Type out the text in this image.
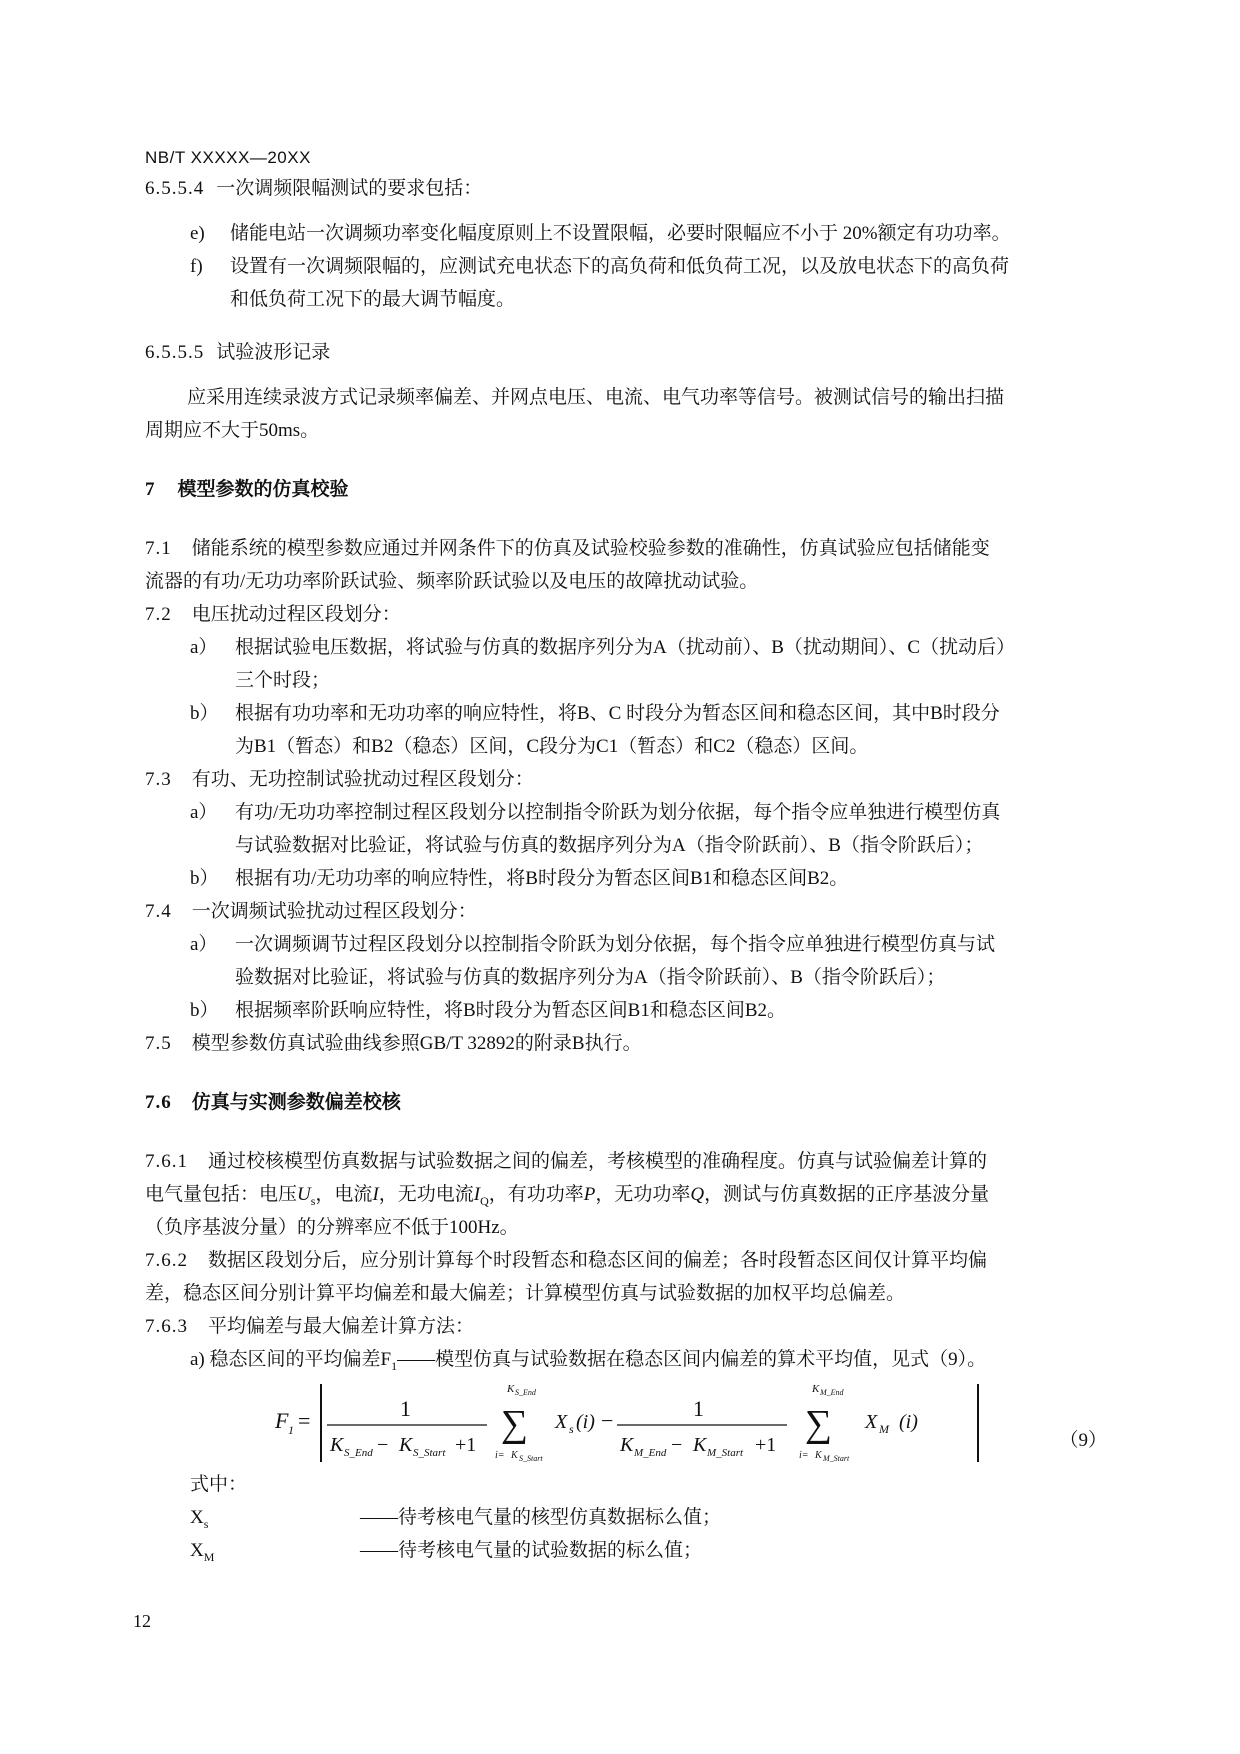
NB/T XXXXX—20XX

6.5.5.4 一次调频限幅测试的要求包括：

e) 储能电站一次调频功率变化幅度原则上不设置限幅，必要时限幅应不小于 20%额定有功功率。

f) 设置有一次调频限幅的，应测试充电状态下的高负荷和低负荷工况，以及放电状态下的高负荷

和低负荷工况下的最大调节幅度。

6.5.5.5 试验波形记录

应采用连续录波方式记录频率偏差、并网点电压、电流、电气功率等信号。被测试信号的输出扫描

周期应不大于50ms。

7 模型参数的仿真校验

7.1 储能系统的模型参数应通过并网条件下的仿真及试验校验参数的准确性，仿真试验应包括储能变

流器的有功/无功功率阶跃试验、频率阶跃试验以及电压的故障扰动试验。

7.2 电压扰动过程区段划分：

a） 根据试验电压数据，将试验与仿真的数据序列分为A（扰动前）、B（扰动期间）、C（扰动后）

三个时段；

b） 根据有功功率和无功功率的响应特性，将B、C 时段分为暂态区间和稳态区间，其中B时段分

为B1（暂态）和B2（稳态）区间，C段分为C1（暂态）和C2（稳态）区间。

7.3 有功、无功控制试验扰动过程区段划分：

a） 有功/无功功率控制过程区段划分以控制指令阶跃为划分依据，每个指令应单独进行模型仿真

与试验数据对比验证，将试验与仿真的数据序列分为A（指令阶跃前）、B（指令阶跃后）；

b） 根据有功/无功功率的响应特性，将B时段分为暂态区间B1和稳态区间B2。

7.4 一次调频试验扰动过程区段划分：

a） 一次调频调节过程区段划分以控制指令阶跃为划分依据，每个指令应单独进行模型仿真与试

验数据对比验证，将试验与仿真的数据序列分为A（指令阶跃前）、B（指令阶跃后）；

b） 根据频率阶跃响应特性，将B时段分为暂态区间B1和稳态区间B2。

7.5 模型参数仿真试验曲线参照GB/T 32892的附录B执行。

7.6 仿真与实测参数偏差校核

7.6.1 通过校核模型仿真数据与试验数据之间的偏差，考核模型的准确程度。仿真与试验偏差计算的

电气量包括：电压$U_s$，电流I，无功电流$I_Q$，有功功率P，无功功率Q，测试与仿真数据的正序基波分量

（负序基波分量）的分辨率应不低于100Hz。

7.6.2 数据区段划分后，应分别计算每个时段暂态和稳态区间的偏差；各时段暂态区间仅计算平均偏

差，稳态区间分别计算平均偏差和最大偏差；计算模型仿真与试验数据的加权平均总偏差。

7.6.3 平均偏差与最大偏差计算方法：

a) 稳态区间的平均偏差$F_1——$模型仿真与试验数据在稳态区间内偏差的算术平均值，见式（9）。

F 1 =	1
K S_End − K S_Start +1
K S_End
∑
i= K S_Start
X s (i) −	1
K M_End − K M_Start +1
K M_End
∑
i= K M_Start
X M (i)
（9）

式中：

$X_s$	——待考核电气量的核型仿真数据标么值；
$X_M$	——待考核电气量的试验数据的标么值；
12
